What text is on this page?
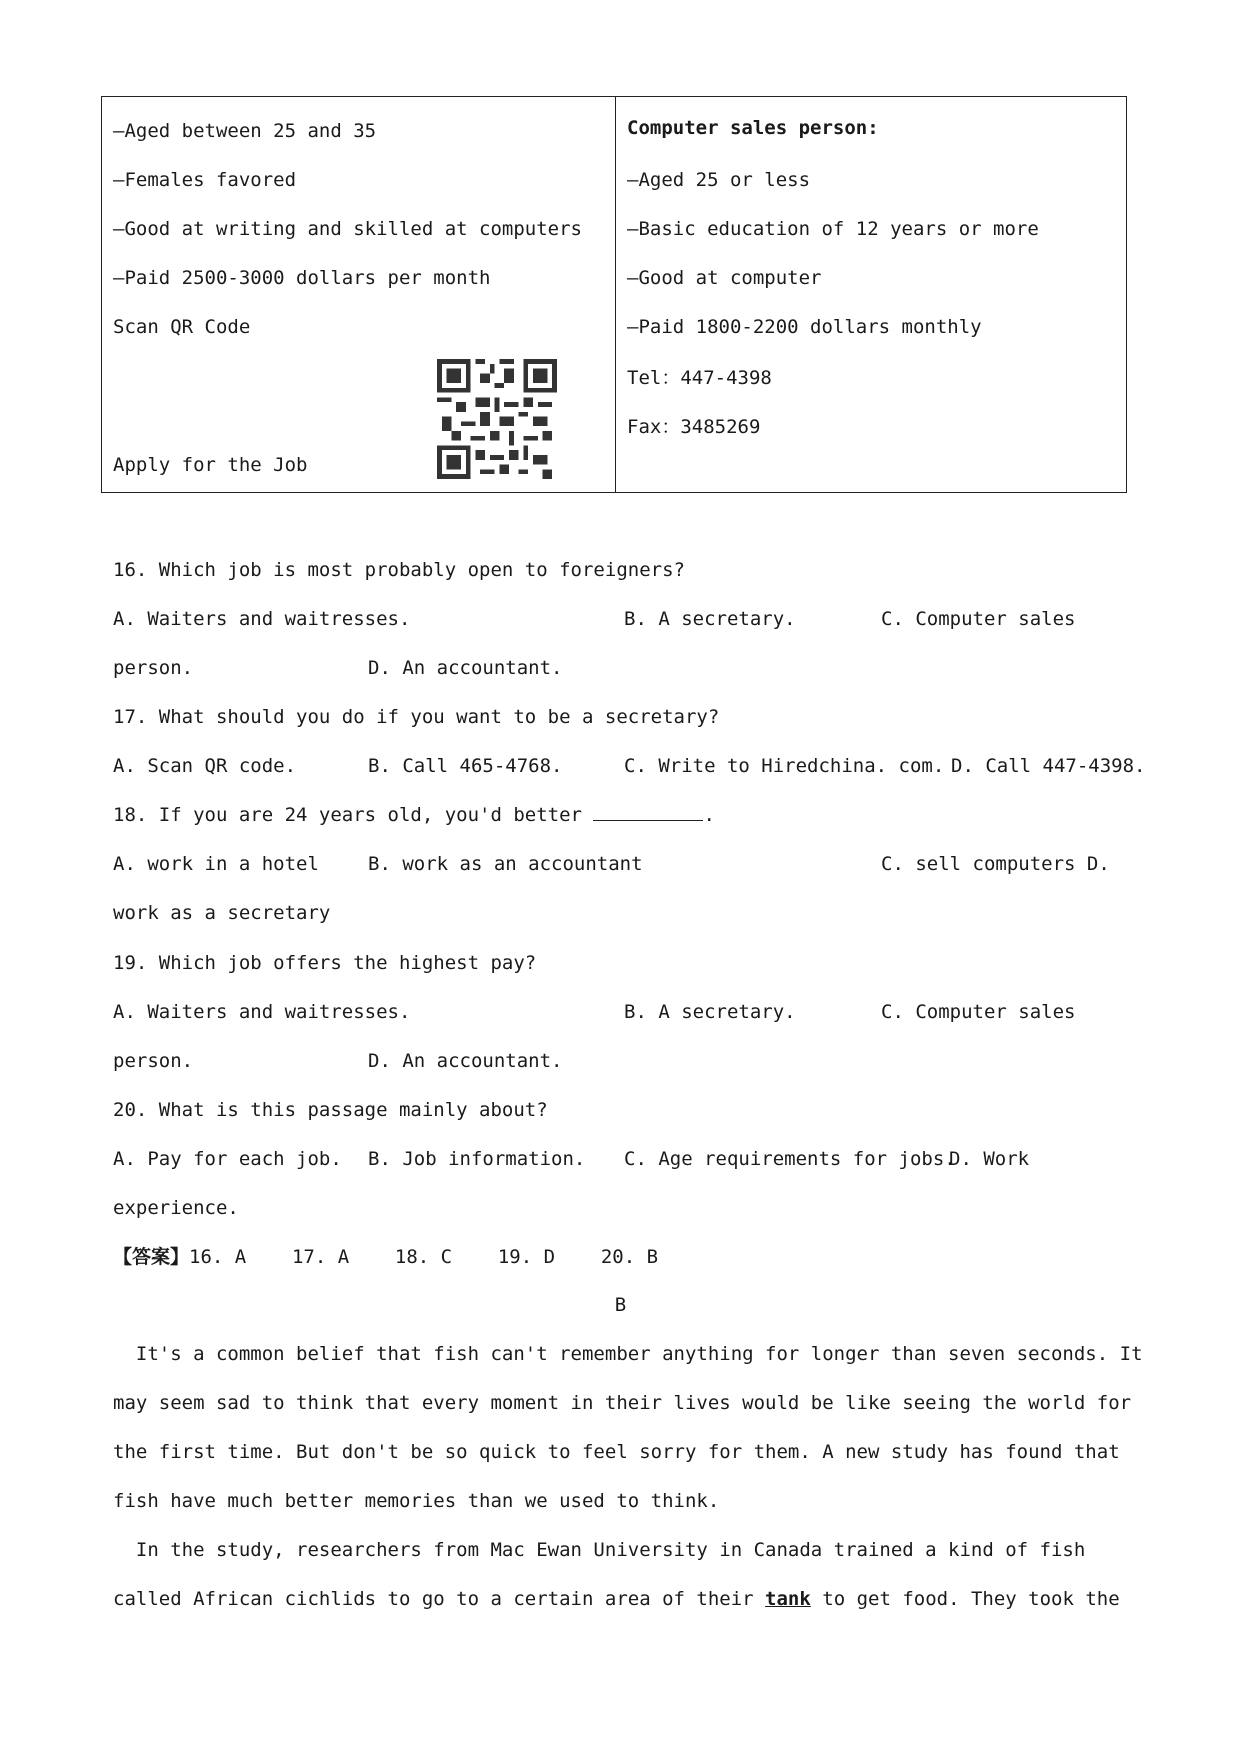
—Aged between 25 and 35
—Females favored
—Good at writing and skilled at computers
—Paid 2500-3000 dollars per month
Scan QR Code
Apply for the Job
Computer sales person:
—Aged 25 or less
—Basic education of 12 years or more
—Good at computer
—Paid 1800-2200 dollars monthly
Tel：447-4398
Fax：3485269
16. Which job is most probably open to foreigners?
A. Waiters and waitresses.	B. A secretary.	C. Computer sales
person.	D. An accountant.
17. What should you do if you want to be a secretary?
A. Scan QR code.	B. Call 465-4768.	C. Write to Hiredchina. com. D. Call 447-4398.
18. If you are 24 years old, you'd better	.
A. work in a hotel	B. work as an accountant	C. sell computers D.
work as a secretary
19. Which job offers the highest pay?
A. Waiters and waitresses.	B. A secretary.	C. Computer sales
person.	D. An accountant.
20. What is this passage mainly about?
A. Pay for each job. B. Job information. C. Age requirements for jobs.
D. Work
experience.
【答案】16. A    17. A    18. C    19. D    20. B
B
It's a common belief that fish can't remember anything for longer than seven seconds. It
may seem sad to think that every moment in their lives would be like seeing the world for
the first time. But don't be so quick to feel sorry for them. A new study has found that
fish have much better memories than we used to think.
In the study, researchers from Mac Ewan University in Canada trained a kind of fish
called African cichlids to go to a certain area of their tank to get food. They took the
